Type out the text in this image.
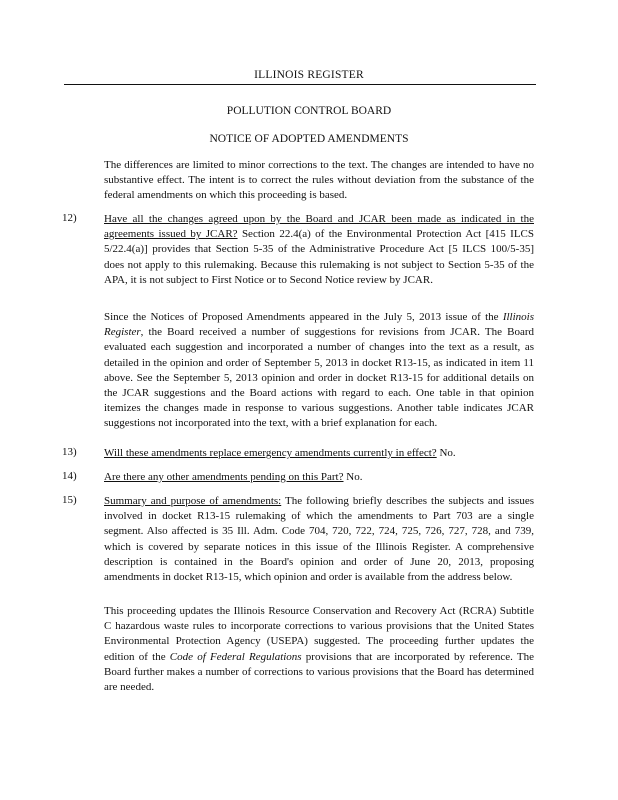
ILLINOIS REGISTER
POLLUTION CONTROL BOARD
NOTICE OF ADOPTED AMENDMENTS

The differences are limited to minor corrections to the text. The changes are intended to have no substantive effect. The intent is to correct the rules without deviation from the substance of the federal amendments on which this proceeding is based.

12) Have all the changes agreed upon by the Board and JCAR been made as indicated in the agreements issued by JCAR? Section 22.4(a) of the Environmental Protection Act [415 ILCS 5/22.4(a)] provides that Section 5-35 of the Administrative Procedure Act [5 ILCS 100/5-35] does not apply to this rulemaking. Because this rulemaking is not subject to Section 5-35 of the APA, it is not subject to First Notice or to Second Notice review by JCAR.

Since the Notices of Proposed Amendments appeared in the July 5, 2013 issue of the Illinois Register, the Board received a number of suggestions for revisions from JCAR. The Board evaluated each suggestion and incorporated a number of changes into the text as a result, as detailed in the opinion and order of September 5, 2013 in docket R13-15, as indicated in item 11 above. See the September 5, 2013 opinion and order in docket R13-15 for additional details on the JCAR suggestions and the Board actions with regard to each. One table in that opinion itemizes the changes made in response to various suggestions. Another table indicates JCAR suggestions not incorporated into the text, with a brief explanation for each.

13) Will these amendments replace emergency amendments currently in effect? No.

14) Are there any other amendments pending on this Part? No.

15) Summary and purpose of amendments: The following briefly describes the subjects and issues involved in docket R13-15 rulemaking of which the amendments to Part 703 are a single segment. Also affected is 35 Ill. Adm. Code 704, 720, 722, 724, 725, 726, 727, 728, and 739, which is covered by separate notices in this issue of the Illinois Register. A comprehensive description is contained in the Board's opinion and order of June 20, 2013, proposing amendments in docket R13-15, which opinion and order is available from the address below.

This proceeding updates the Illinois Resource Conservation and Recovery Act (RCRA) Subtitle C hazardous waste rules to incorporate corrections to various provisions that the United States Environmental Protection Agency (USEPA) suggested. The proceeding further updates the edition of the Code of Federal Regulations provisions that are incorporated by reference. The Board further makes a number of corrections to various provisions that the Board has determined are needed.
